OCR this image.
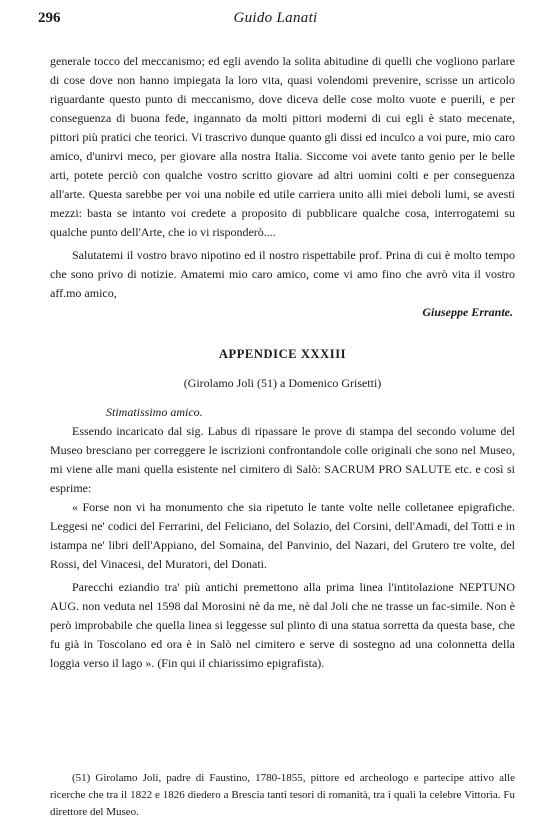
296	Guido Lanati

generale tocco del meccanismo; ed egli avendo la solita abitudine di quelli che vogliono parlare di cose dove non hanno impiegata la loro vita, quasi volendomi prevenire, scrisse un articolo riguardante questo punto di meccanismo, dove diceva delle cose molto vuote e puerili, e per conseguenza di buona fede, ingannato da molti pittori moderni di cui egli è stato mecenate, pittori più pratici che teorici. Vi trascrivo dunque quanto gli dissi ed inculco a voi pure, mio caro amico, d'unirvi meco, per giovare alla nostra Italia. Siccome voi avete tanto genio per le belle arti, potete perciò con qualche vostro scritto giovare ad altri uomini colti e per conseguenza all'arte. Questa sarebbe per voi una nobile ed utile carriera unito alli miei deboli lumi, se avesti mezzi: basta se intanto voi credete a proposito di pubblicare qualche cosa, interrogatemi su qualche punto dell'Arte, che io vi risponderò....

Salutatemi il vostro bravo nipotino ed il nostro rispettabile prof. Prina di cui è molto tempo che sono privo di notizie. Amatemi mio caro amico, come vi amo fino che avrò vita il vostro aff.mo amico,

Giuseppe Errante.
APPENDICE XXXIII
(Girolamo Joli (51) a Domenico Grisetti)
Stimatissimo amico.

Essendo incaricato dal sig. Labus di ripassare le prove di stampa del secondo volume del Museo bresciano per correggere le iscrizioni confrontandole colle originali che sono nel Museo, mi viene alle mani quella esistente nel cimitero di Salò: SACRUM PRO SALUTE etc. e così si esprime:

« Forse non vi ha monumento che sia ripetuto le tante volte nelle colletanee epigrafiche. Leggesi ne' codici del Ferrarini, del Feliciano, del Solazio, del Corsini, dell'Amadi, del Totti e in istampa ne' libri dell'Appiano, del Somaina, del Panvinio, del Nazari, del Grutero tre volte, del Rossi, del Vinacesi, del Muratori, del Donati.

Parecchi eziandio tra' più antichi premettono alla prima linea l'intitolazione NEPTUNO AUG. non veduta nel 1598 dal Morosini nè da me, nè dal Joli che ne trasse un fac-simile. Non è però improbabile che quella linea si leggesse sul plinto di una statua sorretta da questa base, che fu già in Toscolano ed ora è in Salò nel cimitero e serve di sostegno ad una colonnetta della loggia verso il lago ». (Fin qui il chiarissimo epigrafista).

(51) Girolamo Joli, padre di Faustino, 1780-1855, pittore ed archeologo e partecipe attivo alle ricerche che tra il 1822 e 1826 diedero a Brescia tanti tesori di romanità, tra i quali la celebre Vittoria. Fu direttore del Museo.
